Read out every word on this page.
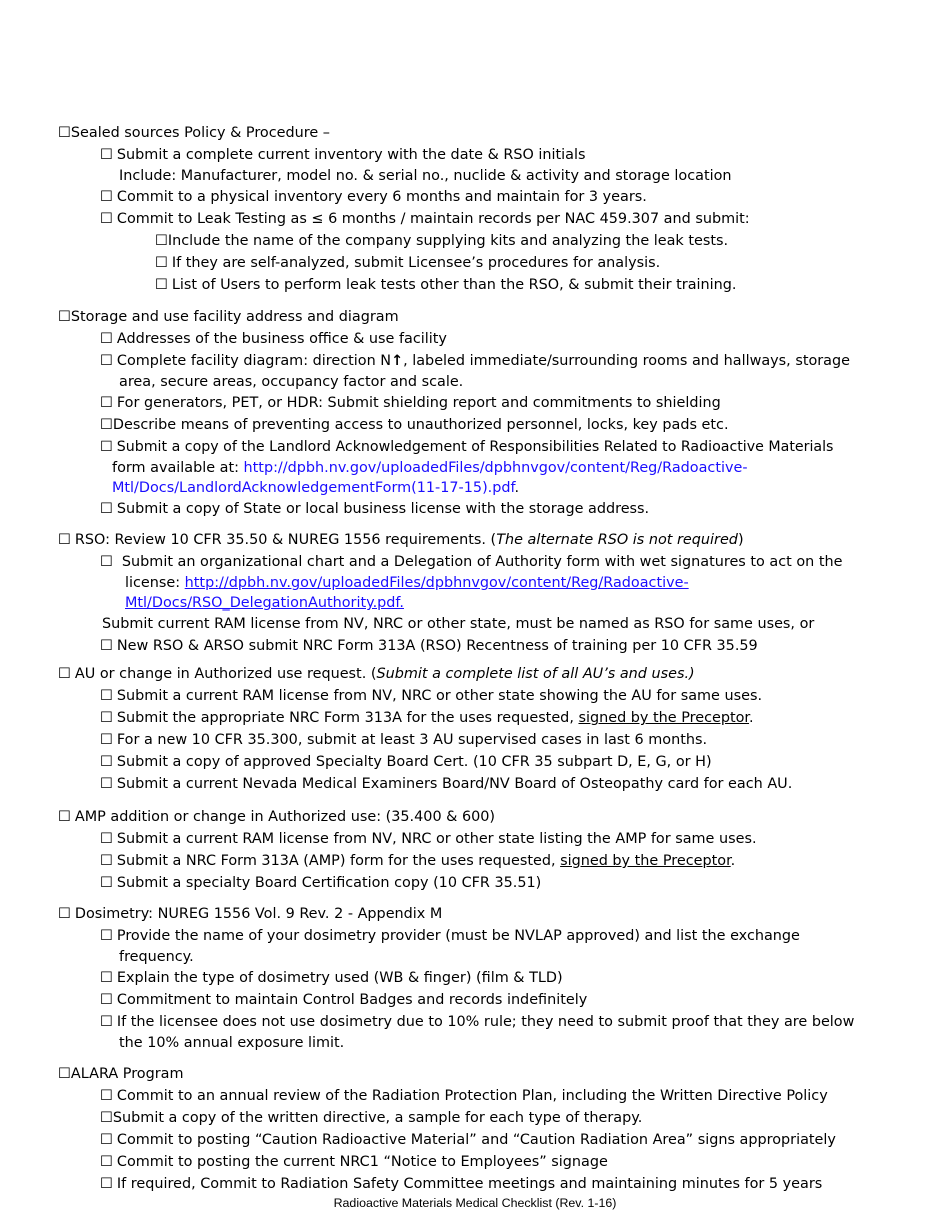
☐Sealed sources Policy & Procedure –
☐ Submit a complete current inventory with the date & RSO initials
Include: Manufacturer, model no. & serial no., nuclide & activity and storage location
☐ Commit to a physical inventory every 6 months and maintain for 3 years.
☐ Commit to Leak Testing as ≤ 6 months / maintain records per NAC 459.307 and submit:
☐Include the name of the company supplying kits and analyzing the leak tests.
☐ If they are self-analyzed, submit Licensee’s procedures for analysis.
☐ List of Users to perform leak tests other than the RSO, & submit their training.
☐Storage and use facility address and diagram
☐ Addresses of the business office & use facility
☐ Complete facility diagram: direction N↑, labeled immediate/surrounding rooms and hallways, storage
area, secure areas, occupancy factor and scale.
☐ For generators, PET, or HDR: Submit shielding report and commitments to shielding
☐Describe means of preventing access to unauthorized personnel, locks, key pads etc.
☐ Submit a copy of the Landlord Acknowledgement of Responsibilities Related to Radioactive Materials
form available at: http://dpbh.nv.gov/uploadedFiles/dpbhnvgov/content/Reg/Radoactive-
Mtl/Docs/LandlordAcknowledgementForm(11-17-15).pdf.
☐ Submit a copy of State or local business license with the storage address.
☐ RSO: Review 10 CFR 35.50 & NUREG 1556 requirements. (The alternate RSO is not required)
☐ Submit an organizational chart and a Delegation of Authority form with wet signatures to act on the
license: http://dpbh.nv.gov/uploadedFiles/dpbhnvgov/content/Reg/Radoactive-
Mtl/Docs/RSO_DelegationAuthority.pdf.
Submit current RAM license from NV, NRC or other state, must be named as RSO for same uses, or
☐ New RSO & ARSO submit NRC Form 313A (RSO) Recentness of training per 10 CFR 35.59
☐ AU or change in Authorized use request. (Submit a complete list of all AU’s and uses.)
☐ Submit a current RAM license from NV, NRC or other state showing the AU for same uses.
☐ Submit the appropriate NRC Form 313A for the uses requested, signed by the Preceptor.
☐ For a new 10 CFR 35.300, submit at least 3 AU supervised cases in last 6 months.
☐ Submit a copy of approved Specialty Board Cert. (10 CFR 35 subpart D, E, G, or H)
☐ Submit a current Nevada Medical Examiners Board/NV Board of Osteopathy card for each AU.
☐ AMP addition or change in Authorized use: (35.400 & 600)
☐ Submit a current RAM license from NV, NRC or other state listing the AMP for same uses.
☐ Submit a NRC Form 313A (AMP) form for the uses requested, signed by the Preceptor.
☐ Submit a specialty Board Certification copy (10 CFR 35.51)
☐ Dosimetry: NUREG 1556 Vol. 9 Rev. 2 - Appendix M
☐ Provide the name of your dosimetry provider (must be NVLAP approved) and list the exchange
frequency.
☐ Explain the type of dosimetry used (WB & finger) (film & TLD)
☐ Commitment to maintain Control Badges and records indefinitely
☐ If the licensee does not use dosimetry due to 10% rule; they need to submit proof that they are below
the 10% annual exposure limit.
☐ALARA Program
☐ Commit to an annual review of the Radiation Protection Plan, including the Written Directive Policy
☐Submit a copy of the written directive, a sample for each type of therapy.
☐ Commit to posting “Caution Radioactive Material” and “Caution Radiation Area” signs appropriately
☐ Commit to posting the current NRC1 “Notice to Employees” signage
☐ If required, Commit to Radiation Safety Committee meetings and maintaining minutes for 5 years
Radioactive Materials Medical Checklist (Rev. 1-16)
